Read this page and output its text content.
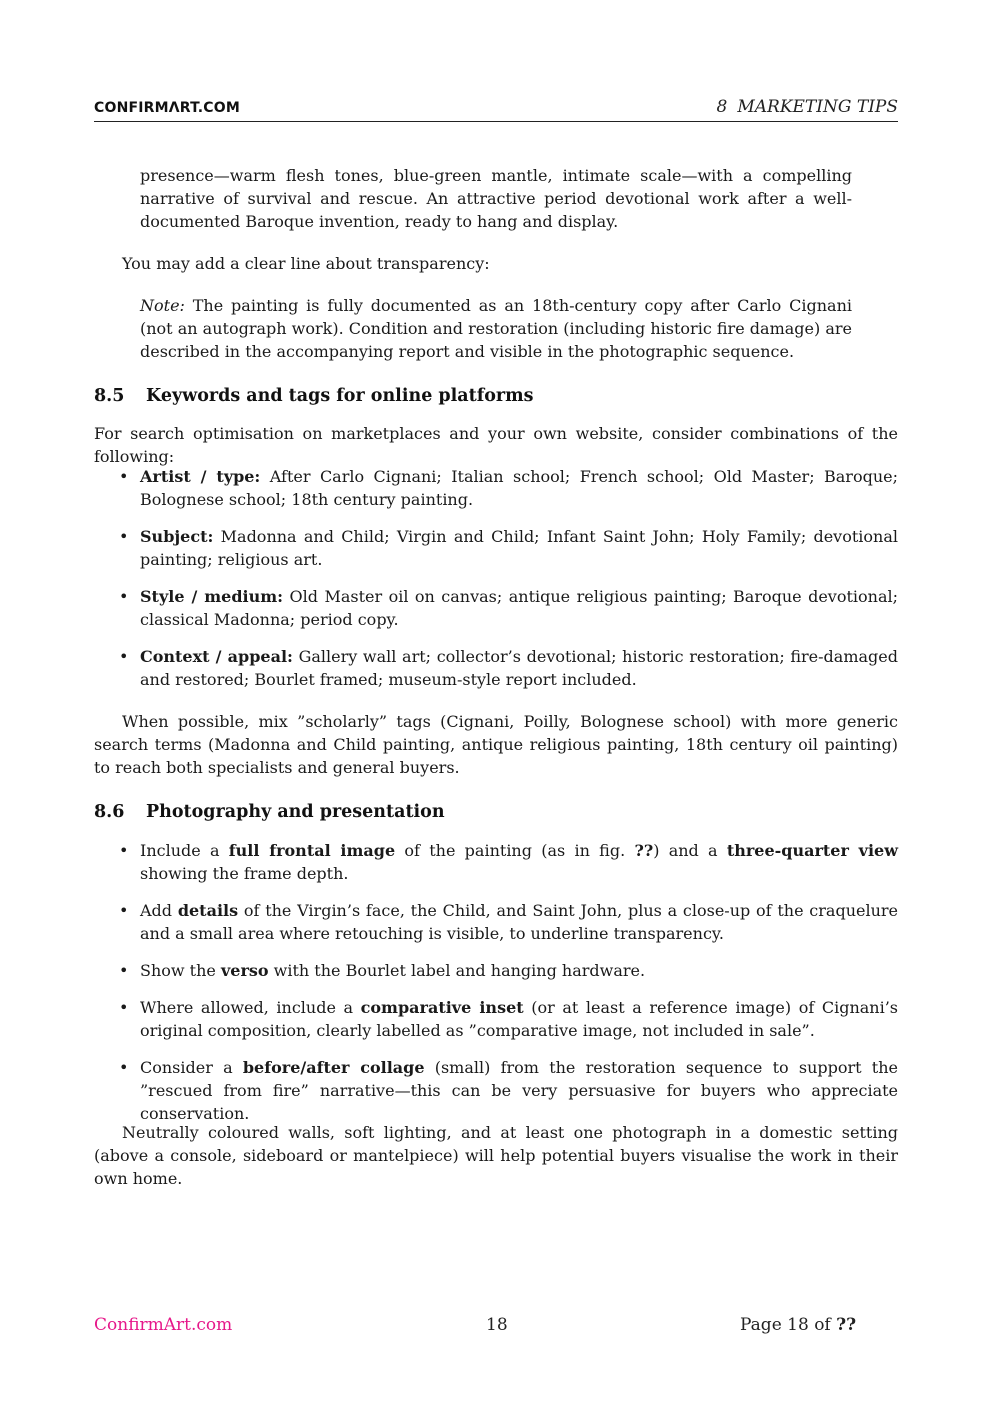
CONFIRMΛRT.COM	8 MARKETING TIPS

presence—warm flesh tones, blue-green mantle, intimate scale—with a compelling narrative of survival and rescue. An attractive period devotional work after a well-documented Baroque invention, ready to hang and display.

You may add a clear line about transparency:

Note: The painting is fully documented as an 18th-century copy after Carlo Cignani (not an autograph work). Condition and restoration (including historic fire damage) are described in the accompanying report and visible in the photographic sequence.

8.5 Keywords and tags for online platforms

For search optimisation on marketplaces and your own website, consider combinations of the following:

• Artist / type: After Carlo Cignani; Italian school; French school; Old Master; Baroque; Bolognese school; 18th century painting.
• Subject: Madonna and Child; Virgin and Child; Infant Saint John; Holy Family; devotional painting; religious art.
• Style / medium: Old Master oil on canvas; antique religious painting; Baroque devotional; classical Madonna; period copy.
• Context / appeal: Gallery wall art; collector’s devotional; historic restoration; fire-damaged and restored; Bourlet framed; museum-style report included.

When possible, mix ”scholarly” tags (Cignani, Poilly, Bolognese school) with more generic search terms (Madonna and Child painting, antique religious painting, 18th century oil painting) to reach both specialists and general buyers.

8.6 Photography and presentation
• Include a full frontal image of the painting (as in fig. ??) and a three-quarter view showing the frame depth.
• Add details of the Virgin’s face, the Child, and Saint John, plus a close-up of the craquelure and a small area where retouching is visible, to underline transparency.
• Show the verso with the Bourlet label and hanging hardware.
• Where allowed, include a comparative inset (or at least a reference image) of Cignani’s original composition, clearly labelled as ”comparative image, not included in sale”.
• Consider a before/after collage (small) from the restoration sequence to support the ”rescued from fire” narrative—this can be very persuasive for buyers who appreciate conservation.

Neutrally coloured walls, soft lighting, and at least one photograph in a domestic setting (above a console, sideboard or mantelpiece) will help potential buyers visualise the work in their own home.

ConfirmArt.com	18	Page 18 of ??
